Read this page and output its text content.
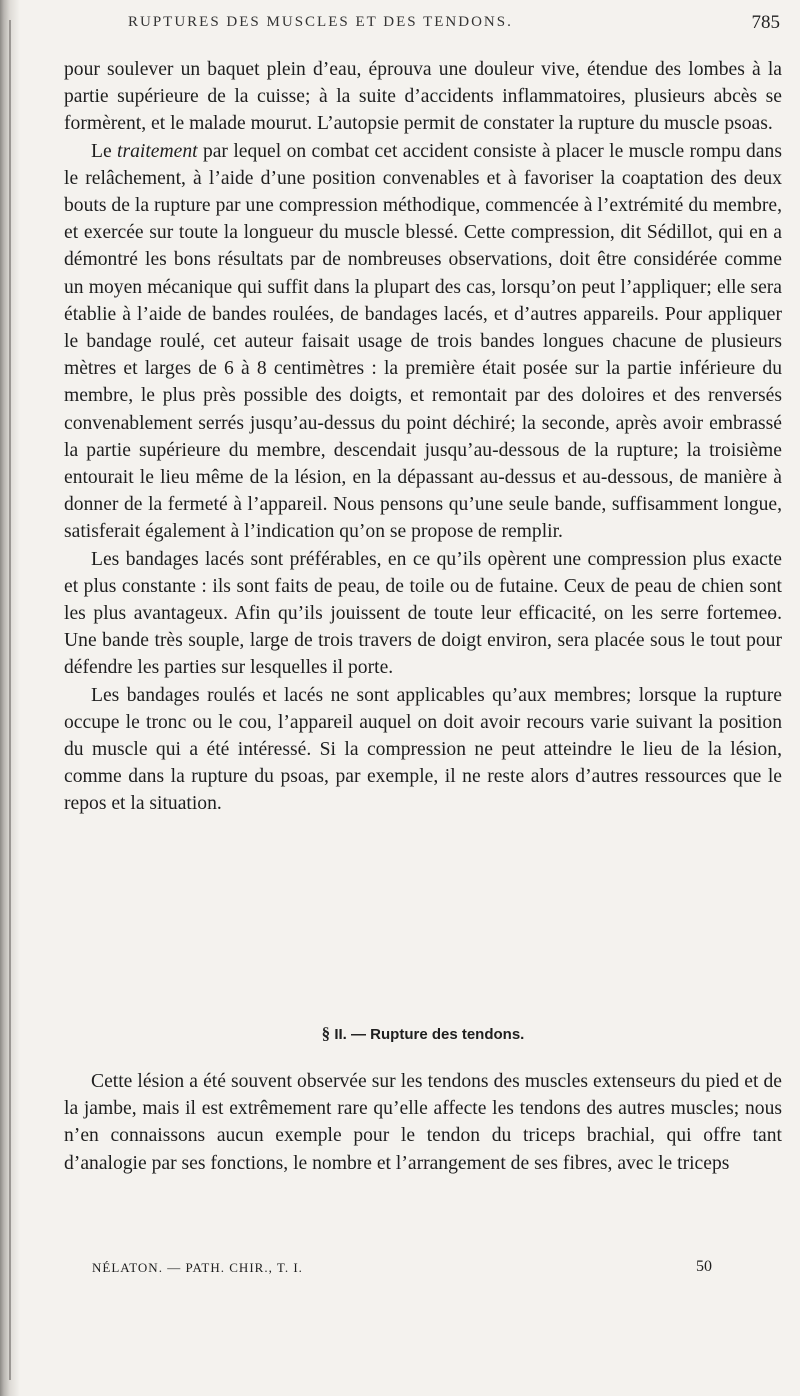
RUPTURES DES MUSCLES ET DES TENDONS.	785

pour soulever un baquet plein d’eau, éprouva une douleur vive, étendue des lombes à la partie supérieure de la cuisse; à la suite d’accidents inflammatoires, plusieurs abcès se formèrent, et le malade mourut. L’autopsie permit de constater la rupture du muscle psoas.

Le traitement par lequel on combat cet accident consiste à placer le muscle rompu dans le relâchement, à l’aide d’une position convenables et à favoriser la coaptation des deux bouts de la rupture par une compression méthodique, commencée à l’extrémité du membre, et exercée sur toute la longueur du muscle blessé. Cette compression, dit Sédillot, qui en a démontré les bons résultats par de nombreuses observations, doit être considérée comme un moyen mécanique qui suffit dans la plupart des cas, lorsqu’on peut l’appliquer; elle sera établie à l’aide de bandes roulées, de bandages lacés, et d’autres appareils. Pour appliquer le bandage roulé, cet auteur faisait usage de trois bandes longues chacune de plusieurs mètres et larges de 6 à 8 centimètres : la première était posée sur la partie inférieure du membre, le plus près possible des doigts, et remontait par des doloires et des renversés convenablement serrés jusqu’au-dessus du point déchiré; la seconde, après avoir embrassé la partie supérieure du membre, descendait jusqu’au-dessous de la rupture; la troisième entourait le lieu même de la lésion, en la dépassant au-dessus et au-dessous, de manière à donner de la fermeté à l’appareil. Nous pensons qu’une seule bande, suffisamment longue, satisferait également à l’indication qu’on se propose de remplir.

Les bandages lacés sont préférables, en ce qu’ils opèrent une compression plus exacte et plus constante : ils sont faits de peau, de toile ou de futaine. Ceux de peau de chien sont les plus avantageux. Afin qu’ils jouissent de toute leur efficacité, on les serre fortemeɵ. Une bande très souple, large de trois travers de doigt environ, sera placée sous le tout pour défendre les parties sur lesquelles il porte.

Les bandages roulés et lacés ne sont applicables qu’aux membres; lorsque la rupture occupe le tronc ou le cou, l’appareil auquel on doit avoir recours varie suivant la position du muscle qui a été intéressé. Si la compression ne peut atteindre le lieu de la lésion, comme dans la rupture du psoas, par exemple, il ne reste alors d’autres ressources que le repos et la situation.

§ II. — Rupture des tendons.

Cette lésion a été souvent observée sur les tendons des muscles extenseurs du pied et de la jambe, mais il est extrêmement rare qu’elle affecte les tendons des autres muscles; nous n’en connaissons aucun exemple pour le tendon du triceps brachial, qui offre tant d’analogie par ses fonctions, le nombre et l’arrangement de ses fibres, avec le triceps

NÉLATON. — PATH. CHIR., T. I.	50
